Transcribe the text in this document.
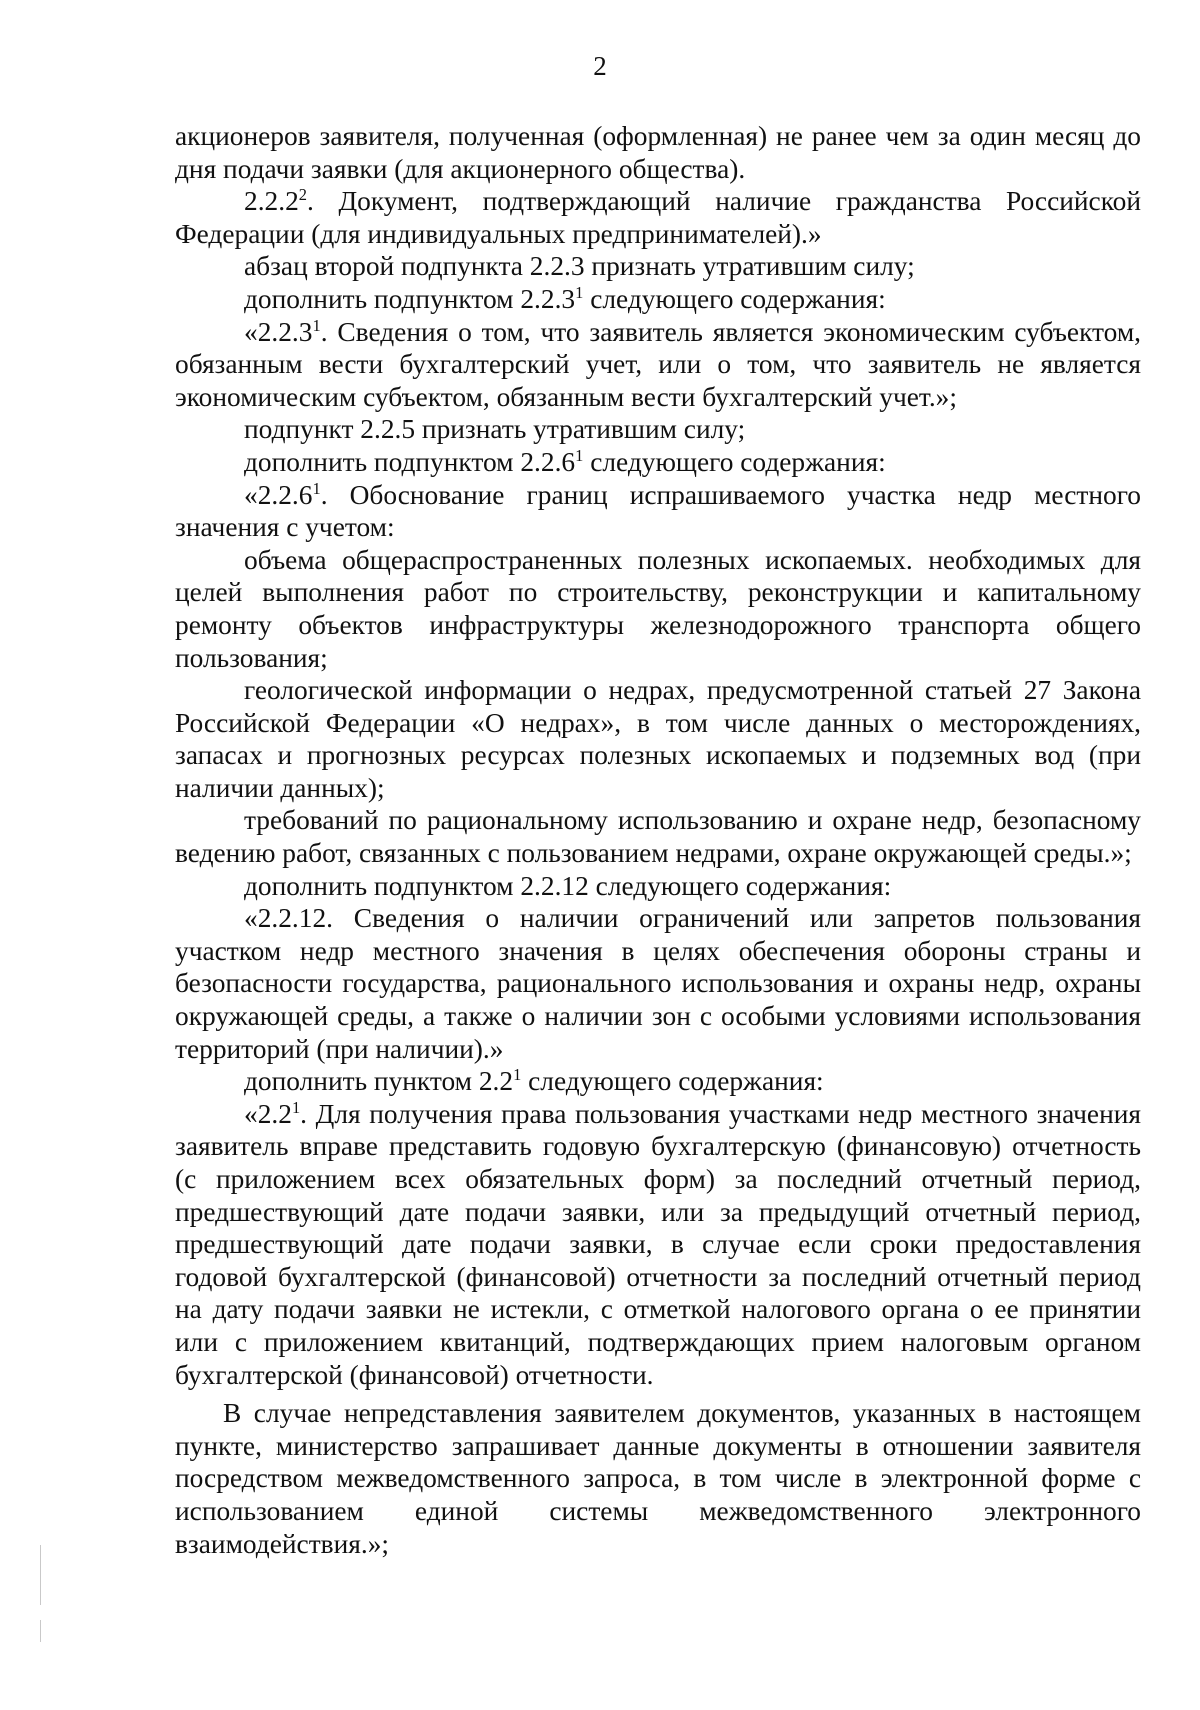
2

акционеров заявителя, полученная (оформленная) не ранее чем за один месяц до дня подачи заявки (для акционерного общества).

2.2.2$^2$. Документ, подтверждающий наличие гражданства Российской Федерации (для индивидуальных предпринимателей).»

абзац второй подпункта 2.2.3 признать утратившим силу;

дополнить подпунктом 2.2.3$^1$ следующего содержания:

«2.2.3$^1$. Сведения о том, что заявитель является экономическим субъектом, обязанным вести бухгалтерский учет, или о том, что заявитель не является экономическим субъектом, обязанным вести бухгалтерский учет.»;

подпункт 2.2.5 признать утратившим силу;

дополнить подпунктом 2.2.6$^1$ следующего содержания:

«2.2.6$^1$. Обоснование границ испрашиваемого участка недр местного значения с учетом:

объема общераспространенных полезных ископаемых. необходимых для целей выполнения работ по строительству, реконструкции и капитальному ремонту объектов инфраструктуры железнодорожного транспорта общего пользования;

геологической информации о недрах, предусмотренной статьей 27 Закона Российской Федерации «О недрах», в том числе данных о месторождениях, запасах и прогнозных ресурсах полезных ископаемых и подземных вод (при наличии данных);

требований по рациональному использованию и охране недр, безопасному ведению работ, связанных с пользованием недрами, охране окружающей среды.»;

дополнить подпунктом 2.2.12 следующего содержания:

«2.2.12. Сведения о наличии ограничений или запретов пользования участком недр местного значения в целях обеспечения обороны страны и безопасности государства, рационального использования и охраны недр, охраны окружающей среды, а также о наличии зон с особыми условиями использования территорий (при наличии).»

дополнить пунктом $2.2^1$ следующего содержания:

«$2.2^1$. Для получения права пользования участками недр местного значения заявитель вправе представить годовую бухгалтерскую (финансовую) отчетность (с приложением всех обязательных форм) за последний отчетный период, предшествующий дате подачи заявки, или за предыдущий отчетный период, предшествующий дате подачи заявки, в случае если сроки предоставления годовой бухгалтерской (финансовой) отчетности за последний отчетный период на дату подачи заявки не истекли, с отметкой налогового органа о ее принятии или с приложением квитанций, подтверждающих прием налоговым органом бухгалтерской (финансовой) отчетности.

В случае непредставления заявителем документов, указанных в настоящем пункте, министерство запрашивает данные документы в отношении заявителя посредством межведомственного запроса, в том числе в электронной форме с использованием единой системы межведомственного электронного взаимодействия.»;
